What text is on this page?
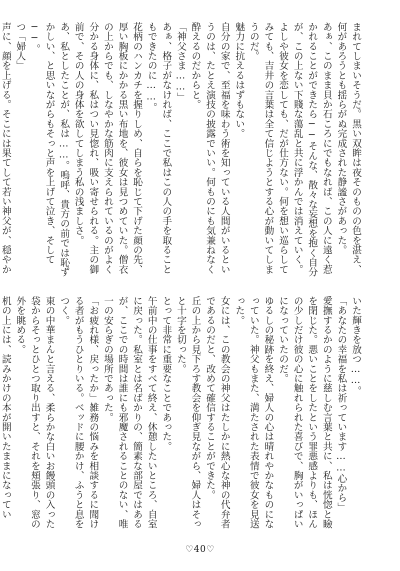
まれてしまいそうだ。黒い双眸は夜そのものの色を湛え、何があろうとも揺らがぬ完成された静謐さがあった。
あぁ、このまま貝か石ころにでもなれば、この人に遠く惹かれることができたら──そんな、散々な妄想を抱く自分が、この上ない下賤な蕩乱と共に浮かんでは消えていく。よしや彼女を恋しても、だが仕方ない。何を想い巡らしてみても、吉井の言葉は全て信じようとする心が動いてしまうのだ。
魅力に抗えるはずもない。
自分の家で、至福を味わう術を知っている人間がいるというのは、たとえ演技の披露でいい。何ものにも気兼ねなく酔えるのだからと。
「神父さま……」
あぁ、格子がなければ、ここで私はこの人の手を取ることもできたのに……。
花柄のハンカチを握りしめ、自らを恥じて下げた顔の先、厚い胸板にかかる黒い布地を、彼女は見つめていた。僧衣の上からでも、しなやかな筋肉に支えられているのがよく分かる身体に、私はつい見惚れ、吸い寄せられる。主の御前で、その人の身体を欲してしまう私の浅ましさ。
あ、私としたことが、私は……。嗚呼、貴方の前では恥ずかしい、と思いながらもそっと声を上げて泣き、そして──。
つ「婦人」
声に、顔を上げる。そこには果てして若い神父が、穏やか
いた輝きを放つ……。
「あなたの幸福を私は祈っています……心から」
愛撫するかのように慈しむ言葉と共に、私は恍惚と瞼を閉じた。悪いことをしたという罪悪感よりも、ほんの少しだけ彼の心に触れられた喜びで、胸がいっぱいになっていたのだ。
ゆるしの秘跡を終え、婦人の心は晴れやかなものになっていた。神父もまた、満たされた表情で彼女を見送った。
女には、この教会の神父はたしかに熱心な神の代弁者であるのだと、改めて確信することができた。
丘の上から見下ろす教会を仰ぎ見ながら、婦人はそっと十字を切った。
とって非常に重要なことであった。
午前中の仕事をすべて終え、休憩したいところ、自室に戻った。私室とは名ばかりの、簡素な部屋ではあるが、ここでの時間は誰にも邪魔されることのない、唯一の安らぎの場所であった。
「お疲れ様、戻ったか」雑務の悩みを相談するに聞ける者がもうひとりいる。ベッドに腰かけ、ふうと息をつく。
東の中華まんと言える、柔らかな白いお饅頭の入った袋からそっとひとつ取り出すと、それを頬張り、窓の外を眺める。
机の上には、読みかけの本が開いたままになってい

♡40♡
